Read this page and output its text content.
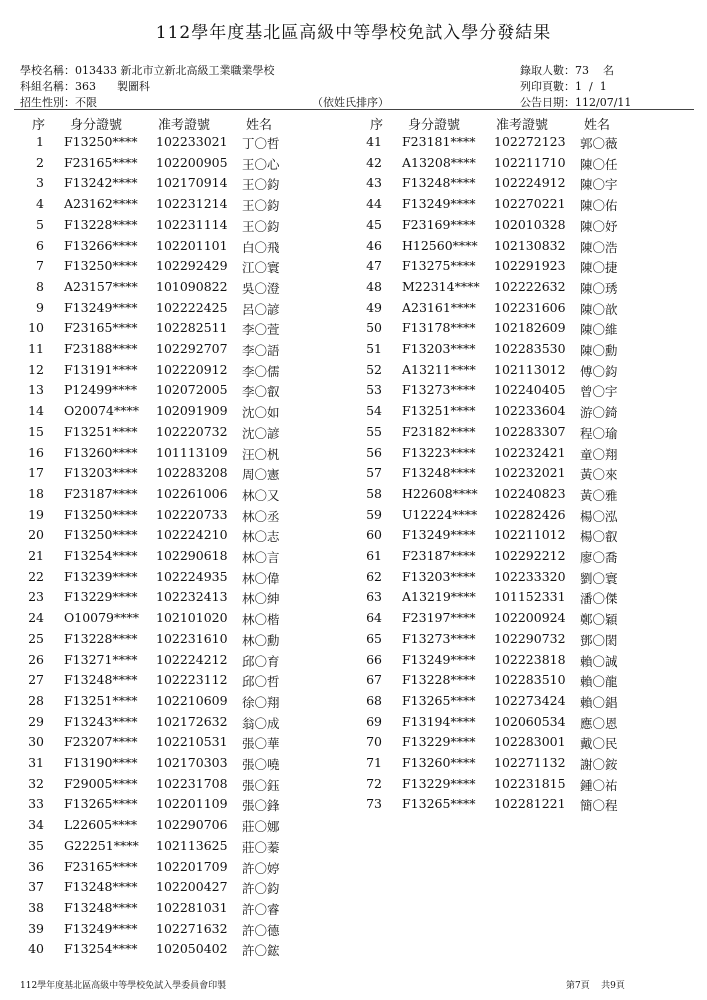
112學年度基北區高級中等學校免試入學分發結果
學校名稱：013433 新北市立新北高級工業職業學校
科組名稱：363      製圖科
招生性別：不限	（依姓氏排序）
錄取人數：73    名
列印頁數：1  /  1
公告日期：112/07/11
序 身分證號	准考證號	姓名	序 身分證號	准考證號	姓名
1 F13250**** 102233021 丁〇哲
2 F23165**** 102200905 王〇心
3 F13242**** 102170914 王〇鈞
4 A23162**** 102231214 王〇鈞
5 F13228**** 102231114 王〇鈞
6 F13266**** 102201101 白〇飛
7 F13250**** 102292429 江〇寰
8 A23157**** 101090822 吳〇澄
9 F13249**** 102222425 呂〇諺
10 F23165**** 102282511 李〇萱
11 F23188**** 102292707 李〇語
12 F13191**** 102220912 李〇儒
13 P12499**** 102072005 李〇叡
14 O20074**** 102091909 沈〇如
15 F13251**** 102220732 沈〇諺
16 F13260**** 101113109 汪〇杋
17 F13203**** 102283208 周〇憲
18 F23187**** 102261006 林〇又
19 F13250**** 102220733 林〇丞
20 F13250**** 102224210 林〇志
21 F13254**** 102290618 林〇言
22 F13239**** 102224935 林〇偉
23 F13229**** 102232413 林〇紳
24 O10079**** 102101020 林〇楷
25 F13228**** 102231610 林〇勳
26 F13271**** 102224212 邱〇育
27 F13248**** 102223112 邱〇哲
28 F13251**** 102210609 徐〇翔
29 F13243**** 102172632 翁〇成
30 F23207**** 102210531 張〇華
31 F13190**** 102170303 張〇嘵
32 F29005**** 102231708 張〇鈺
33 F13265**** 102201109 張〇鋒
34 L22605**** 102290706 莊〇娜
35 G22251**** 102113625 莊〇蓁
36 F23165**** 102201709 許〇婷
37 F13248**** 102200427 許〇鈞
38 F13248**** 102281031 許〇睿
39 F13249**** 102271632 許〇德
40 F13254**** 102050402 許〇鋐
41 F23181**** 102272123 郭〇薇
42 A13208**** 102211710 陳〇任
43 F13248**** 102224912 陳〇宇
44 F13249**** 102270221 陳〇佑
45 F23169**** 102010328 陳〇妤
46 H12560**** 102130832 陳〇浩
47 F13275**** 102291923 陳〇捷
48 M22314**** 102222632 陳〇琇
49 A23161**** 102231606 陳〇歆
50 F13178**** 102182609 陳〇維
51 F13203**** 102283530 陳〇勳
52 A13211**** 102113012 傅〇鈞
53 F13273**** 102240405 曾〇宇
54 F13251**** 102233604 游〇錡
55 F23182**** 102283307 程〇瑜
56 F13223**** 102232421 童〇翔
57 F13248**** 102232021 黃〇來
58 H22608**** 102240823 黃〇雅
59 U12224**** 102282426 楊〇泓
60 F13249**** 102211012 楊〇叡
61 F23187**** 102292212 廖〇喬
62 F13203**** 102233320 劉〇寰
63 A13219**** 101152331 潘〇傑
64 F23197**** 102200924 鄭〇穎
65 F13273**** 102290732 鄧〇閎
66 F13249**** 102223818 賴〇誠
67 F13228**** 102283510 賴〇龍
68 F13265**** 102273424 賴〇錩
69 F13194**** 102060534 應〇恩
70 F13229**** 102283001 戴〇民
71 F13260**** 102271132 謝〇銨
72 F13229**** 102231815 鍾〇祐
73 F13265**** 102281221 簡〇程
112學年度基北區高級中等學校免試入學委員會印製	第7頁    共9頁
